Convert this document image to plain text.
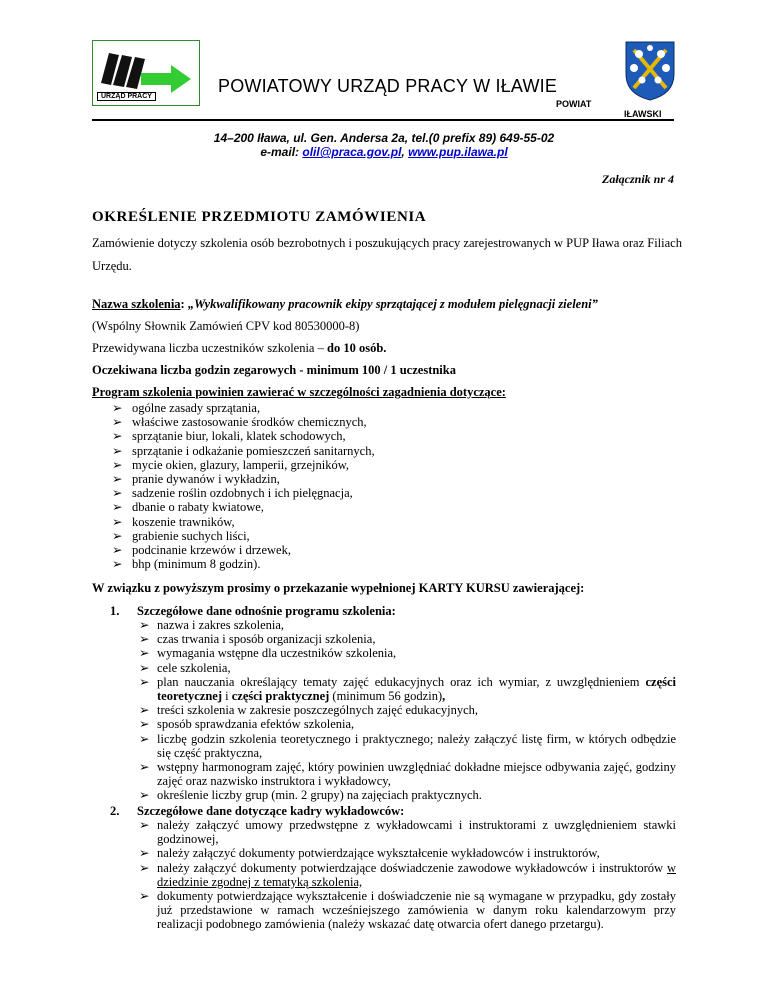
URZĄD PRACY
POWIATOWY URZĄD PRACY W IŁAWIE
POWIAT
IŁAWSKI
14–200 Iława, ul. Gen. Andersa 2a, tel.(0 prefix 89) 649-55-02
e-mail: olil@praca.gov.pl, www.pup.ilawa.pl
Załącznik nr 4
OKREŚLENIE PRZEDMIOTU ZAMÓWIENIA
Zamówienie dotyczy szkolenia osób bezrobotnych i poszukujących pracy zarejestrowanych w PUP Iława oraz Filiach
Urzędu.
Nazwa szkolenia: „Wykwalifikowany pracownik ekipy sprzątającej z modułem pielęgnacji zieleni”
(Wspólny Słownik Zamówień CPV kod 80530000-8)
Przewidywana liczba uczestników szkolenia – do 10 osób.
Oczekiwana liczba godzin zegarowych - minimum 100 / 1 uczestnika
Program szkolenia powinien zawierać w szczególności zagadnienia dotyczące:
➢ ogólne zasady sprzątania,
➢ właściwe zastosowanie środków chemicznych,
➢ sprzątanie biur, lokali, klatek schodowych,
➢ sprzątanie i odkażanie pomieszczeń sanitarnych,
➢ mycie okien, glazury, lamperii, grzejników,
➢ pranie dywanów i wykładzin,
➢ sadzenie roślin ozdobnych i ich pielęgnacja,
➢ dbanie o rabaty kwiatowe,
➢ koszenie trawników,
➢ grabienie suchych liści,
➢ podcinanie krzewów i drzewek,
➢ bhp (minimum 8 godzin).
W związku z powyższym prosimy o przekazanie wypełnionej KARTY KURSU zawierającej:
1. Szczegółowe dane odnośnie programu szkolenia:
➢ nazwa i zakres szkolenia,
➢ czas trwania i sposób organizacji szkolenia,
➢ wymagania wstępne dla uczestników szkolenia,
➢ cele szkolenia,
➢ plan nauczania określający tematy zajęć edukacyjnych oraz ich wymiar, z uwzględnieniem części teoretycznej i części praktycznej (minimum 56 godzin),
➢ treści szkolenia w zakresie poszczególnych zajęć edukacyjnych,
➢ sposób sprawdzania efektów szkolenia,
➢ liczbę godzin szkolenia teoretycznego i praktycznego; należy załączyć listę firm, w których odbędzie się część praktyczna,
➢ wstępny harmonogram zajęć, który powinien uwzględniać dokładne miejsce odbywania zajęć, godziny zajęć oraz nazwisko instruktora i wykładowcy,
➢ określenie liczby grup (min. 2 grupy) na zajęciach praktycznych.
2. Szczegółowe dane dotyczące kadry wykładowców:
➢ należy załączyć umowy przedwstępne z wykładowcami i instruktorami z uwzględnieniem stawki godzinowej,
➢ należy załączyć dokumenty potwierdzające wykształcenie wykładowców i instruktorów,
➢ należy załączyć dokumenty potwierdzające doświadczenie zawodowe wykładowców i instruktorów w dziedzinie zgodnej z tematyką szkolenia,
➢ dokumenty potwierdzające wykształcenie i doświadczenie nie są wymagane w przypadku, gdy zostały już przedstawione w ramach wcześniejszego zamówienia w danym roku kalendarzowym przy realizacji podobnego zamówienia (należy wskazać datę otwarcia ofert danego przetargu).
